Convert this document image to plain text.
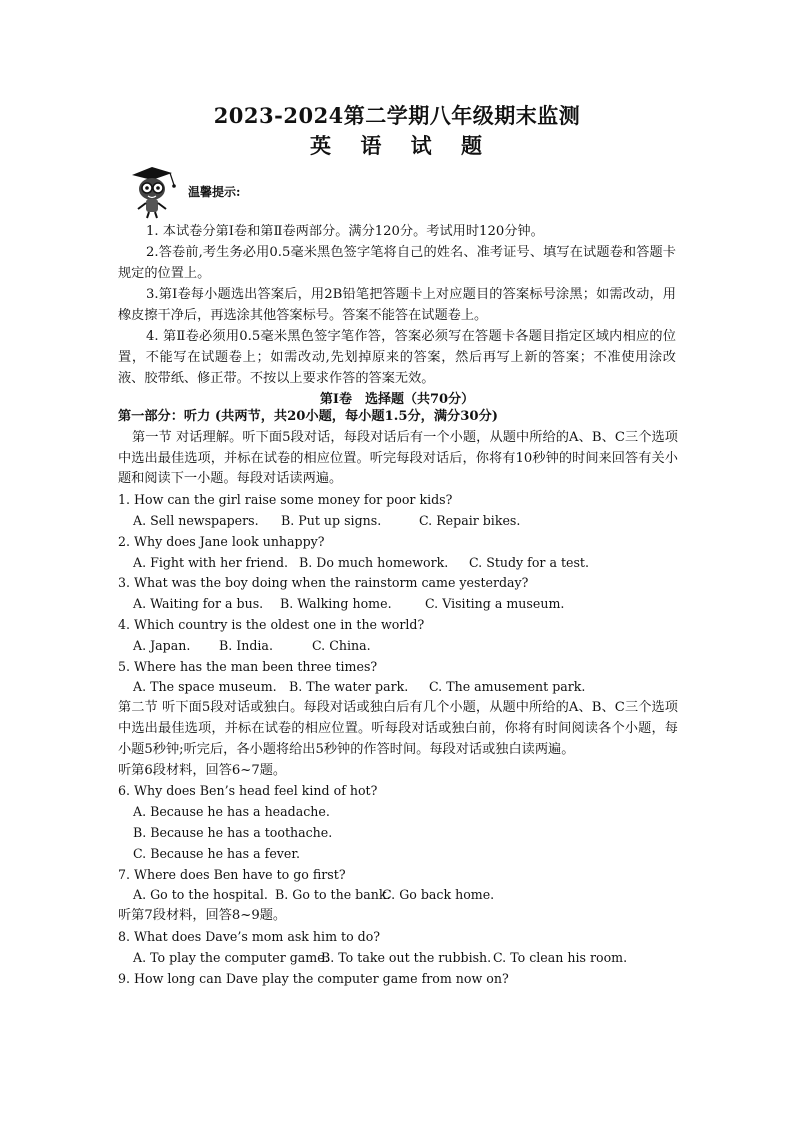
2023-2024第二学期八年级期末监测
英 语 试 题
温馨提示:

1. 本试卷分第Ⅰ卷和第Ⅱ卷两部分。满分120分。考试用时120分钟。

2.答卷前,考生务必用0.5毫米黑色签字笔将自己的姓名、准考证号、填写在试题卷和答题卡规定的位置上。

3.第Ⅰ卷每小题选出答案后，用2B铅笔把答题卡上对应题目的答案标号涂黑；如需改动，用橡皮擦干净后，再选涂其他答案标号。答案不能答在试题卷上。

4. 第Ⅱ卷必须用0.5毫米黑色签字笔作答，答案必须写在答题卡各题目指定区域内相应的位置，不能写在试题卷上；如需改动,先划掉原来的答案，然后再写上新的答案；不准使用涂改液、胶带纸、修正带。不按以上要求作答的答案无效。

第Ⅰ卷　选择题（共70分）

第一部分：听力 (共两节，共20小题，每小题1.5分，满分30分)

第一节 对话理解。听下面5段对话，每段对话后有一个小题，从题中所给的A、B、C三个选项中选出最佳选项，并标在试卷的相应位置。听完每段对话后，你将有10秒钟的时间来回答有关小题和阅读下一小题。每段对话读两遍。

1. How can the girl raise some money for poor kids?

A. Sell newspapers. B. Put up signs.	C. Repair bikes.

2. Why does Jane look unhappy?

A. Fight with her friend. B. Do much homework. C. Study for a test.

3. What was the boy doing when the rainstorm came yesterday?

A. Waiting for a bus. B. Walking home.	C. Visiting a museum.

4. Which country is the oldest one in the world?

A. Japan. B. India.	C. China.

5. Where has the man been three times?

A. The space museum. B. The water park. C. The amusement park.

第二节 听下面5段对话或独白。每段对话或独白后有几个小题，从题中所给的A、B、C三个选项中选出最佳选项，并标在试卷的相应位置。听每段对话或独白前，你将有时间阅读各个小题，每小题5秒钟;听完后，各小题将给出5秒钟的作答时间。每段对话或独白读两遍。

听第6段材料，回答6~7题。

6. Why does Ben’s head feel kind of hot?

A. Because he has a headache.

B. Because he has a toothache.

C. Because he has a fever.

7. Where does Ben have to go first?

A. Go to the hospital. B. Go to the bank.C. Go back home.

听第7段材料，回答8~9题。

8. What does Dave’s mom ask him to do?

A. To play the computer game.B. To take out the rubbish. C. To clean his room.

9. How long can Dave play the computer game from now on?
